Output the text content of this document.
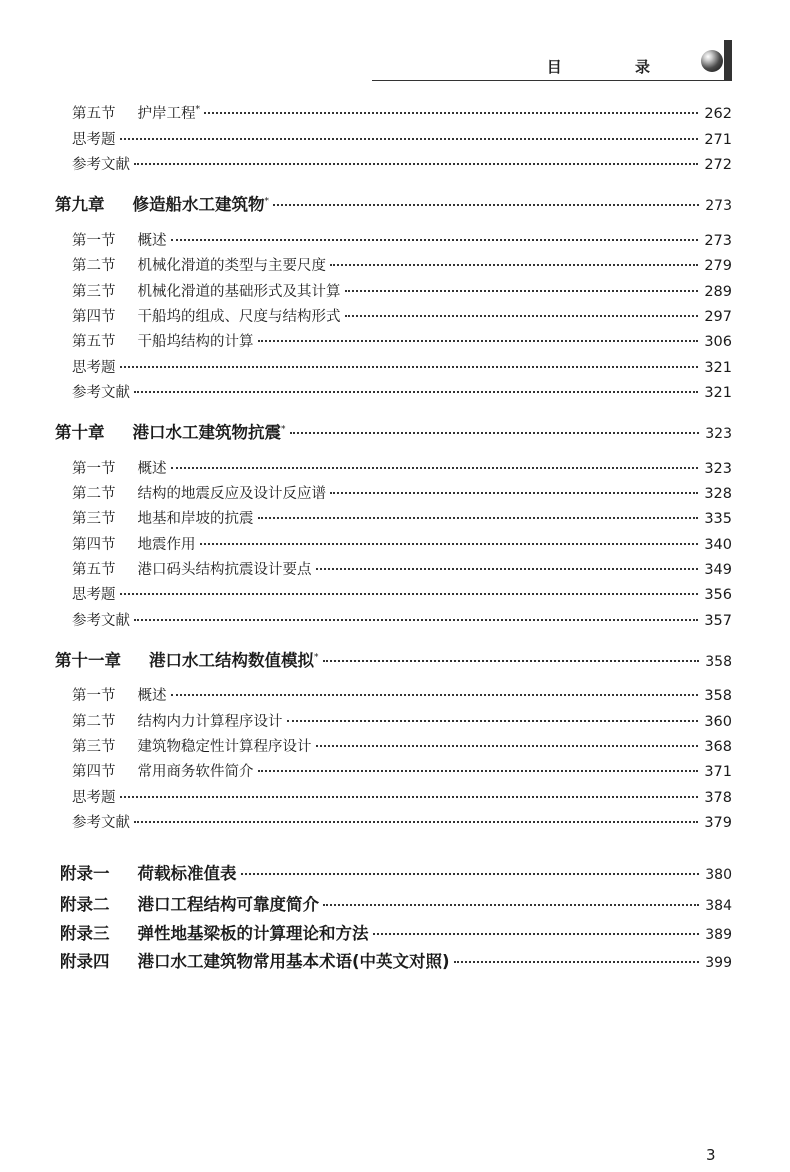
目 录
第五节 护岸工程*	262
思考题	271
参考文献	272
第九章 修造船水工建筑物*	273
第一节 概述	273
第二节 机械化滑道的类型与主要尺度	279
第三节 机械化滑道的基础形式及其计算	289
第四节 干船坞的组成、尺度与结构形式	297
第五节 干船坞结构的计算	306
思考题	321
参考文献	321
第十章 港口水工建筑物抗震*	323
第一节 概述	323
第二节 结构的地震反应及设计反应谱	328
第三节 地基和岸坡的抗震	335
第四节 地震作用	340
第五节 港口码头结构抗震设计要点	349
思考题	356
参考文献	357
第十一章 港口水工结构数值模拟*	358
第一节 概述	358
第二节 结构内力计算程序设计	360
第三节 建筑物稳定性计算程序设计	368
第四节 常用商务软件简介	371
思考题	378
参考文献	379
附录一 荷载标准值表	380
附录二 港口工程结构可靠度简介	384
附录三 弹性地基梁板的计算理论和方法	389
附录四 港口水工建筑物常用基本术语(中英文对照)	399
3
